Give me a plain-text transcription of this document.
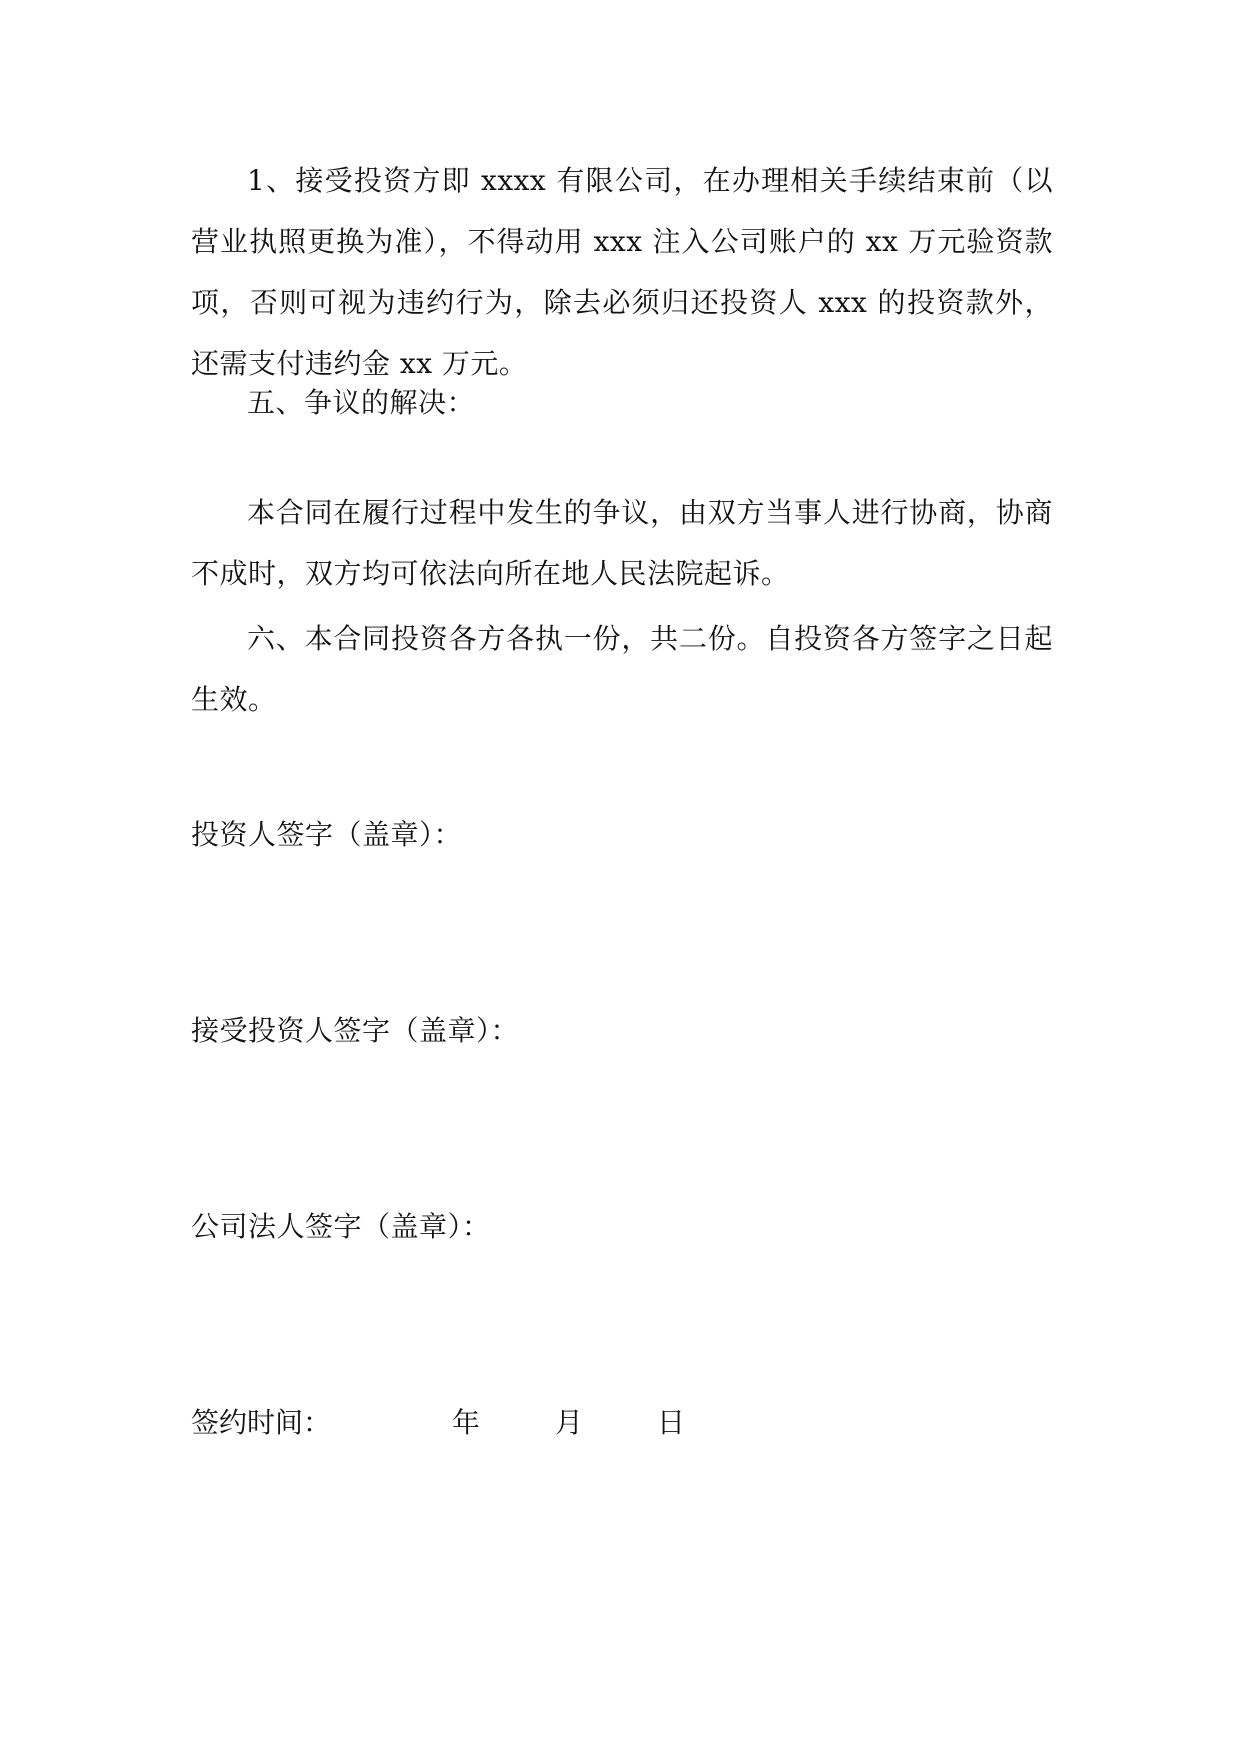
1、接受投资方即 xxxx 有限公司，在办理相关手续结束前（以营业执照更换为准），不得动用 xxx 注入公司账户的 xx 万元验资款项，否则可视为违约行为，除去必须归还投资人 xxx 的投资款外，还需支付违约金 xx 万元。

五、争议的解决：

本合同在履行过程中发生的争议，由双方当事人进行协商，协商不成时，双方均可依法向所在地人民法院起诉。

六、本合同投资各方各执一份，共二份。自投资各方签字之日起生效。

投资人签字（盖章）：

接受投资人签字（盖章）：

公司法人签字（盖章）：

签约时间：	年	月	日
